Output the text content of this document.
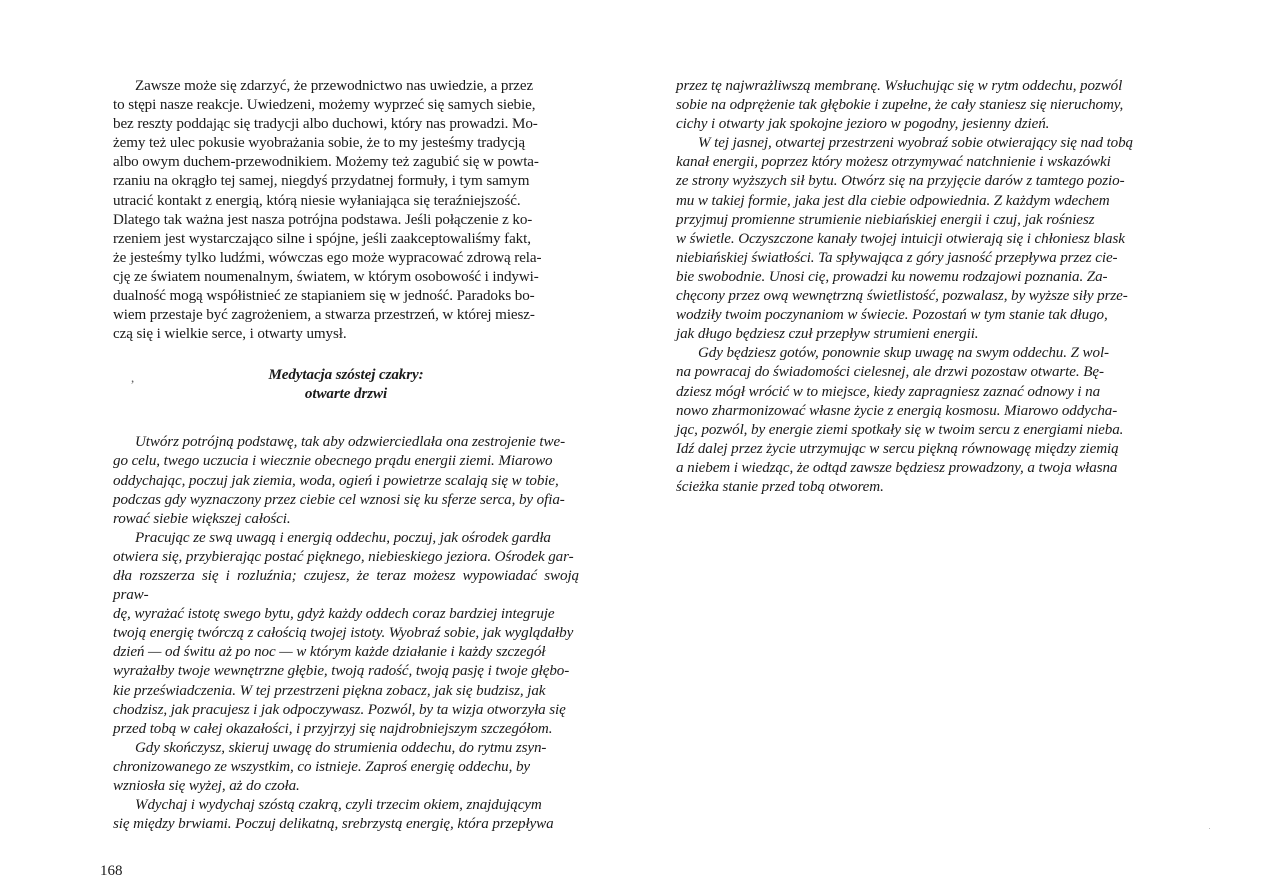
Zawsze może się zdarzyć, że przewodnictwo nas uwiedzie, a przez
to stępi nasze reakcje. Uwiedzeni, możemy wyprzeć się samych siebie,
bez reszty poddając się tradycji albo duchowi, który nas prowadzi. Mo-
żemy też ulec pokusie wyobrażania sobie, że to my jesteśmy tradycją
albo owym duchem-przewodnikiem. Możemy też zagubić się w powta-
rzaniu na okrągło tej samej, niegdyś przydatnej formuły, i tym samym
utracić kontakt z energią, którą niesie wyłaniająca się teraźniejszość.
Dlatego tak ważna jest nasza potrójna podstawa. Jeśli połączenie z ko-
rzeniem jest wystarczająco silne i spójne, jeśli zaakceptowaliśmy fakt,
że jesteśmy tylko ludźmi, wówczas ego może wypracować zdrową rela-
cję ze światem noumenalnym, światem, w którym osobowość i indywi-
dualność mogą współistnieć ze stapianiem się w jedność. Paradoks bo-
wiem przestaje być zagrożeniem, a stwarza przestrzeń, w której miesz-
czą się i wielkie serce, i otwarty umysł.

,	Medytacja szóstej czakry:
otwarte drzwi

Utwórz potrójną podstawę, tak aby odzwierciedlała ona zestrojenie twe-
go celu, twego uczucia i wiecznie obecnego prądu energii ziemi. Miarowo
oddychając, poczuj jak ziemia, woda, ogień i powietrze scalają się w tobie,
podczas gdy wyznaczony przez ciebie cel wznosi się ku sferze serca, by ofia-
rować siebie większej całości.

Pracując ze swą uwagą i energią oddechu, poczuj, jak ośrodek gardła
otwiera się, przybierając postać pięknego, niebieskiego jeziora. Ośrodek gar-
dła rozszerza się i rozluźnia; czujesz, że teraz możesz wypowiadać swoją praw-
dę, wyrażać istotę swego bytu, gdyż każdy oddech coraz bardziej integruje
twoją energię twórczą z całością twojej istoty. Wyobraź sobie, jak wyglądałby
dzień — od świtu aż po noc — w którym każde działanie i każdy szczegół
wyrażałby twoje wewnętrzne głębie, twoją radość, twoją pasję i twoje głębo-
kie przeświadczenia. W tej przestrzeni piękna zobacz, jak się budzisz, jak
chodzisz, jak pracujesz i jak odpoczywasz. Pozwól, by ta wizja otworzyła się
przed tobą w całej okazałości, i przyjrzyj się najdrobniejszym szczegółom.

Gdy skończysz, skieruj uwagę do strumienia oddechu, do rytmu zsyn-
chronizowanego ze wszystkim, co istnieje. Zaproś energię oddechu, by
wzniosła się wyżej, aż do czoła.

Wdychaj i wydychaj szóstą czakrą, czyli trzecim okiem, znajdującym
się między brwiami. Poczuj delikatną, srebrzystą energię, która przepływa

168

przez tę najwrażliwszą membranę. Wsłuchując się w rytm oddechu, pozwól
sobie na odprężenie tak głębokie i zupełne, że cały staniesz się nieruchomy,
cichy i otwarty jak spokojne jezioro w pogodny, jesienny dzień.

W tej jasnej, otwartej przestrzeni wyobraź sobie otwierający się nad tobą
kanał energii, poprzez który możesz otrzymywać natchnienie i wskazówki
ze strony wyższych sił bytu. Otwórz się na przyjęcie darów z tamtego pozio-
mu w takiej formie, jaka jest dla ciebie odpowiednia. Z każdym wdechem
przyjmuj promienne strumienie niebiańskiej energii i czuj, jak rośniesz
w świetle. Oczyszczone kanały twojej intuicji otwierają się i chłoniesz blask
niebiańskiej światłości. Ta spływająca z góry jasność przepływa przez cie-
bie swobodnie. Unosi cię, prowadzi ku nowemu rodzajowi poznania. Za-
chęcony przez ową wewnętrzną świetlistość, pozwalasz, by wyższe siły prze-
wodziły twoim poczynaniom w świecie. Pozostań w tym stanie tak długo,
jak długo będziesz czuł przepływ strumieni energii.

Gdy będziesz gotów, ponownie skup uwagę na swym oddechu. Z wol-
na powracaj do świadomości cielesnej, ale drzwi pozostaw otwarte. Bę-
dziesz mógł wrócić w to miejsce, kiedy zapragniesz zaznać odnowy i na
nowo zharmonizować własne życie z energią kosmosu. Miarowo oddycha-
jąc, pozwól, by energie ziemi spotkały się w twoim sercu z energiami nieba.
Idź dalej przez życie utrzymując w sercu piękną równowagę między ziemią
a niebem i wiedząc, że odtąd zawsze będziesz prowadzony, a twoja własna
ścieżka stanie przed tobą otworem.
